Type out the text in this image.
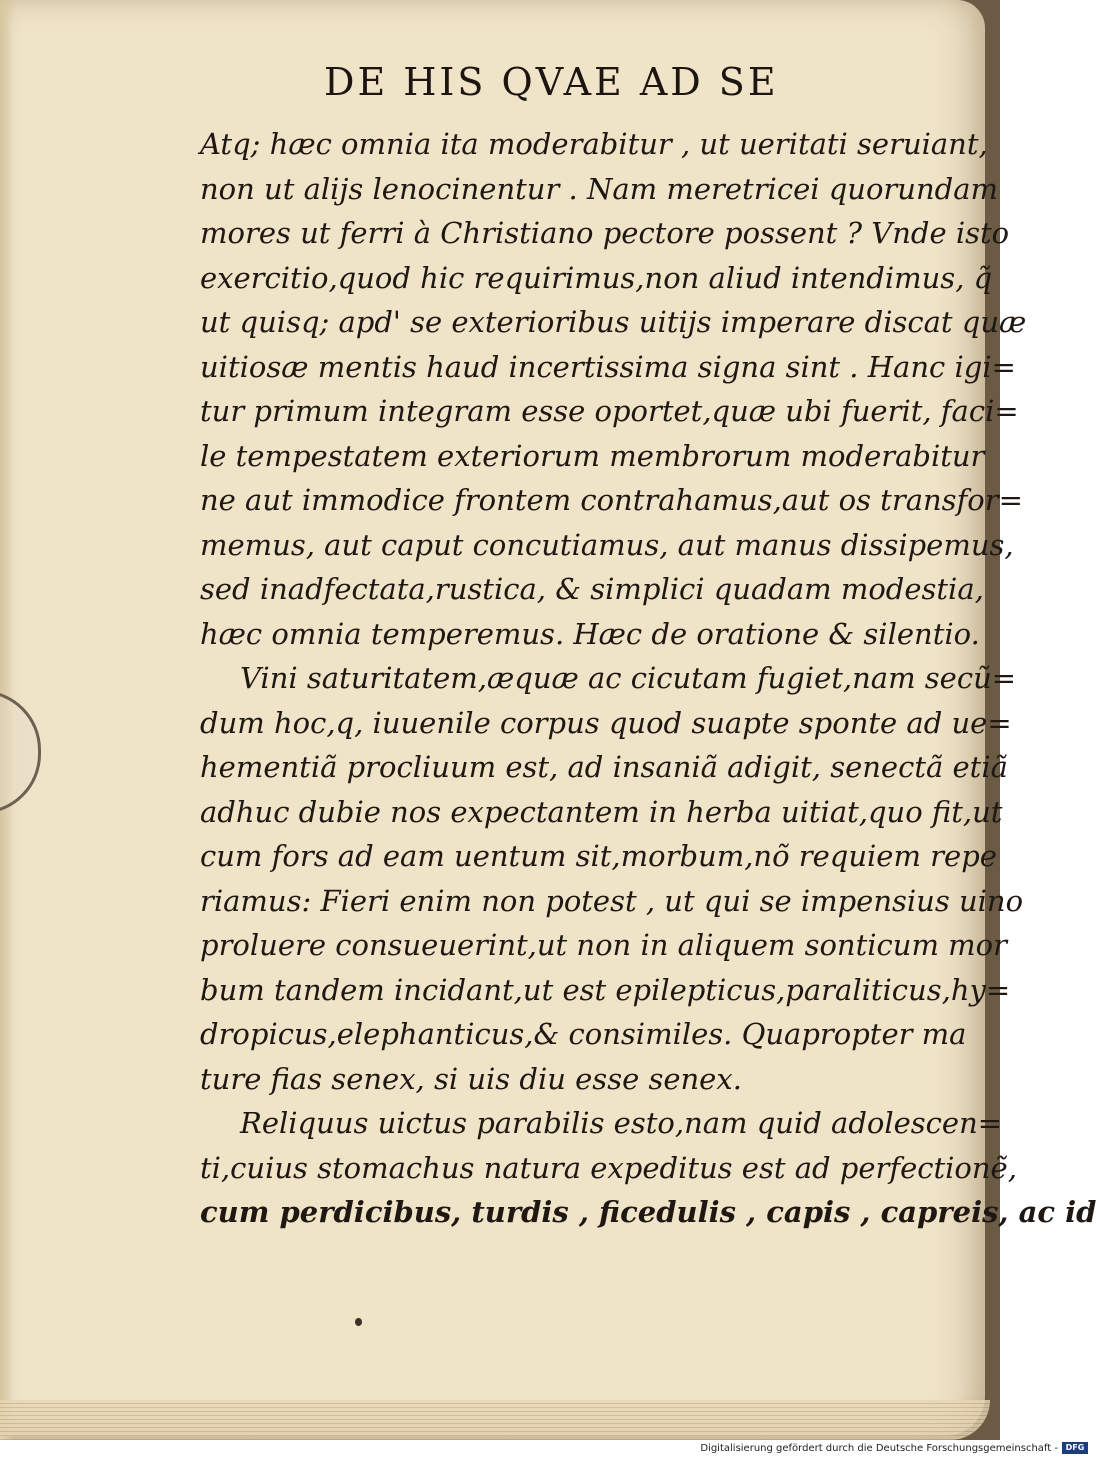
DE HIS QVAE AD SE
Atq; hæc omnia ita moderabitur , ut ueritati seruiant,
non ut alijs lenocinentur . Nam meretricei quorundam
mores ut ferri à Christiano pectore possent ? Vnde isto
exercitio,quod hic requirimus,non aliud intendimus, q̃
ut quisq; apd' se exterioribus uitijs imperare discat quæ
uitiosæ mentis haud incertissima signa sint . Hanc igi=
tur primum integram esse oportet,quæ ubi fuerit, faci=
le tempestatem exteriorum membrorum moderabitur
ne aut immodice frontem contrahamus,aut os transfor=
memus, aut caput concutiamus, aut manus dissipemus,
sed inadfectata,rustica, & simplici quadam modestia,
hæc omnia temperemus. Hæc de oratione & silentio.
Vini saturitatem,æquæ ac cicutam fugiet,nam secũ=
dum hoc,q, iuuenile corpus quod suapte sponte ad ue=
hementiã procliuum est, ad insaniã adigit, senectã etiã
adhuc dubie nos expectantem in herba uitiat,quo fit,ut
cum fors ad eam uentum sit,morbum,nõ requiem repe
riamus: Fieri enim non potest , ut qui se impensius uino
proluere consueuerint,ut non in aliquem sonticum mor
bum tandem incidant,ut est epilepticus,paraliticus,hy=
dropicus,elephanticus,& consimiles. Quapropter ma
ture fias senex, si uis diu esse senex.
Reliquus uictus parabilis esto,nam quid adolescen=
ti,cuius stomachus natura expeditus est ad perfectionẽ,
cum perdicibus, turdis , ficedulis , capis , capreis, ac id
Digitalisierung gefördert durch die Deutsche Forschungsgemeinschaft - DFG
